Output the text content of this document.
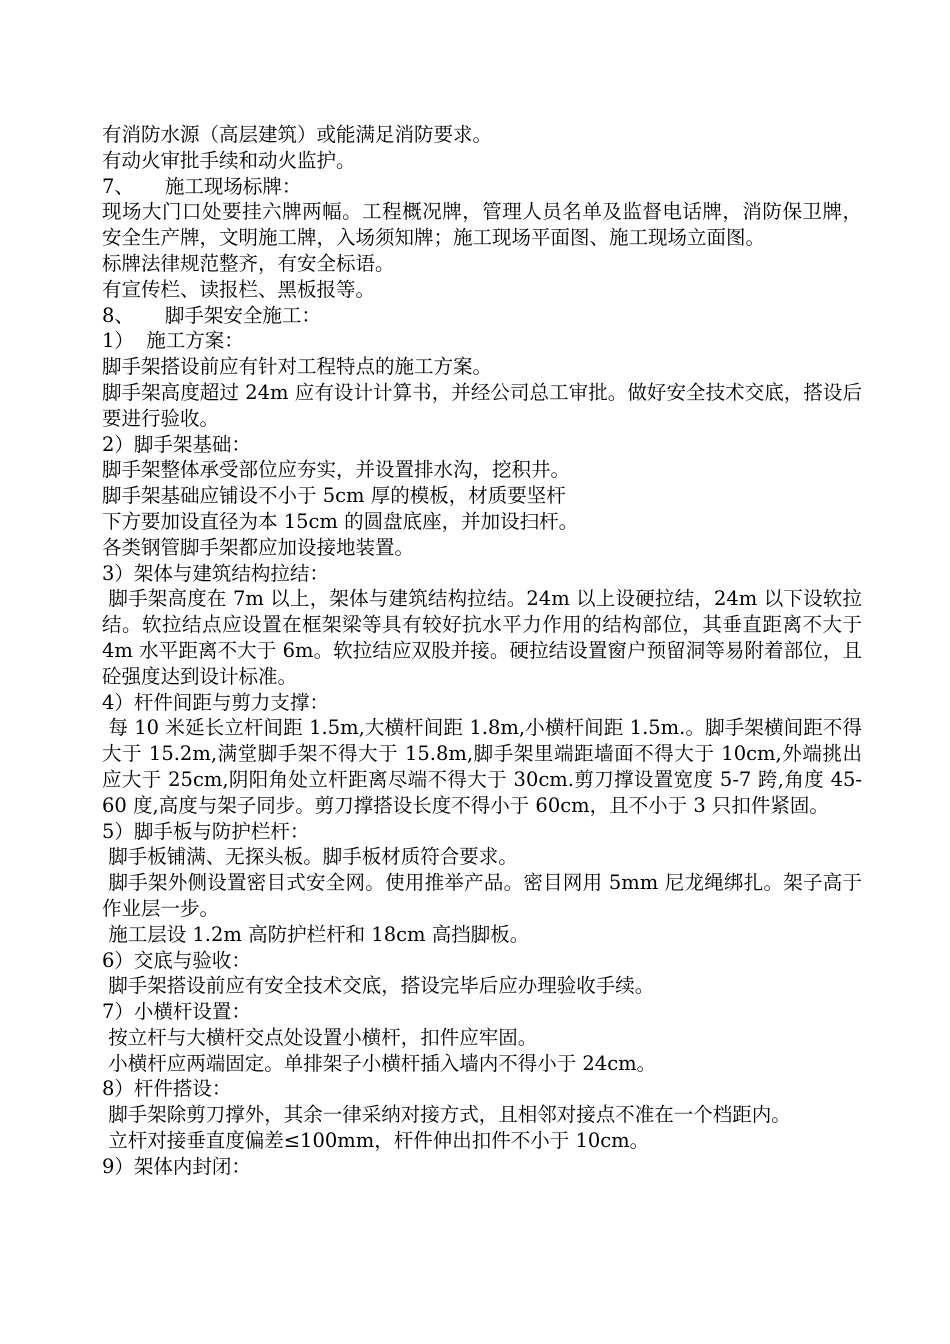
有消防水源（高层建筑）或能满足消防要求。

有动火审批手续和动火监护。

7、     施工现场标牌：

现场大门口处要挂六牌两幅。工程概况牌，管理人员名单及监督电话牌，消防保卫牌，安全生产牌，文明施工牌，入场须知牌；施工现场平面图、施工现场立面图。

标牌法律规范整齐，有安全标语。

有宣传栏、读报栏、黑板报等。

8、     脚手架安全施工：

1）  施工方案：

脚手架搭设前应有针对工程特点的施工方案。

脚手架高度超过 24m 应有设计计算书，并经公司总工审批。做好安全技术交底，搭设后要进行验收。

2）脚手架基础：

脚手架整体承受部位应夯实，并设置排水沟，挖积井。

脚手架基础应铺设不小于 5cm 厚的模板，材质要坚杆

下方要加设直径为本 15cm 的圆盘底座，并加设扫杆。

各类钢管脚手架都应加设接地装置。

3）架体与建筑结构拉结：

脚手架高度在 7m 以上，架体与建筑结构拉结。24m 以上设硬拉结，24m 以下设软拉结。软拉结点应设置在框架梁等具有较好抗水平力作用的结构部位，其垂直距离不大于 4m 水平距离不大于 6m。软拉结应双股并接。硬拉结设置窗户预留洞等易附着部位，且砼强度达到设计标准。

4）杆件间距与剪力支撑：

每 10 米延长立杆间距 1.5m,大横杆间距 1.8m,小横杆间距 1.5m.。脚手架横间距不得大于 15.2m,满堂脚手架不得大于 15.8m,脚手架里端距墙面不得大于 10cm,外端挑出应大于 25cm,阴阳角处立杆距离尽端不得大于 30cm.剪刀撑设置宽度 5-7 跨,角度 45-60 度,高度与架子同步。剪刀撑搭设长度不得小于 60cm，且不小于 3 只扣件紧固。

5）脚手板与防护栏杆：

脚手板铺满、无探头板。脚手板材质符合要求。

脚手架外侧设置密目式安全网。使用推举产品。密目网用 5mm 尼龙绳绑扎。架子高于作业层一步。

施工层设 1.2m 高防护栏杆和 18cm 高挡脚板。

6）交底与验收：

脚手架搭设前应有安全技术交底，搭设完毕后应办理验收手续。

7）小横杆设置：

按立杆与大横杆交点处设置小横杆，扣件应牢固。

小横杆应两端固定。单排架子小横杆插入墙内不得小于 24cm。

8）杆件搭设：

脚手架除剪刀撑外，其余一律采纳对接方式，且相邻对接点不准在一个档距内。

立杆对接垂直度偏差≤100mm，杆件伸出扣件不小于 10cm。

9）架体内封闭：
